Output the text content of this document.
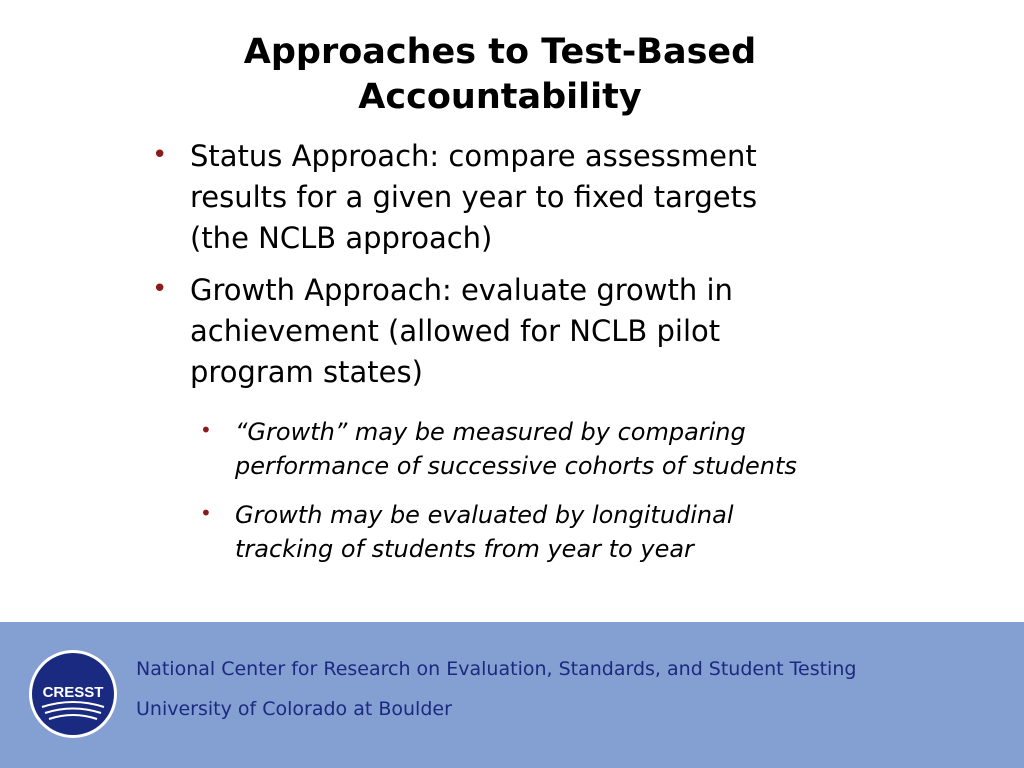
Approaches to Test-Based
Accountability
• Status Approach: compare assessment
results for a given year to fixed targets
(the NCLB approach)
• Growth Approach: evaluate growth in
achievement (allowed for NCLB pilot
program states)
• “Growth” may be measured by comparing
performance of successive cohorts of students
• Growth may be evaluated by longitudinal
tracking of students from year to year
CRESST
National Center for Research on Evaluation, Standards, and Student Testing
University of Colorado at Boulder
